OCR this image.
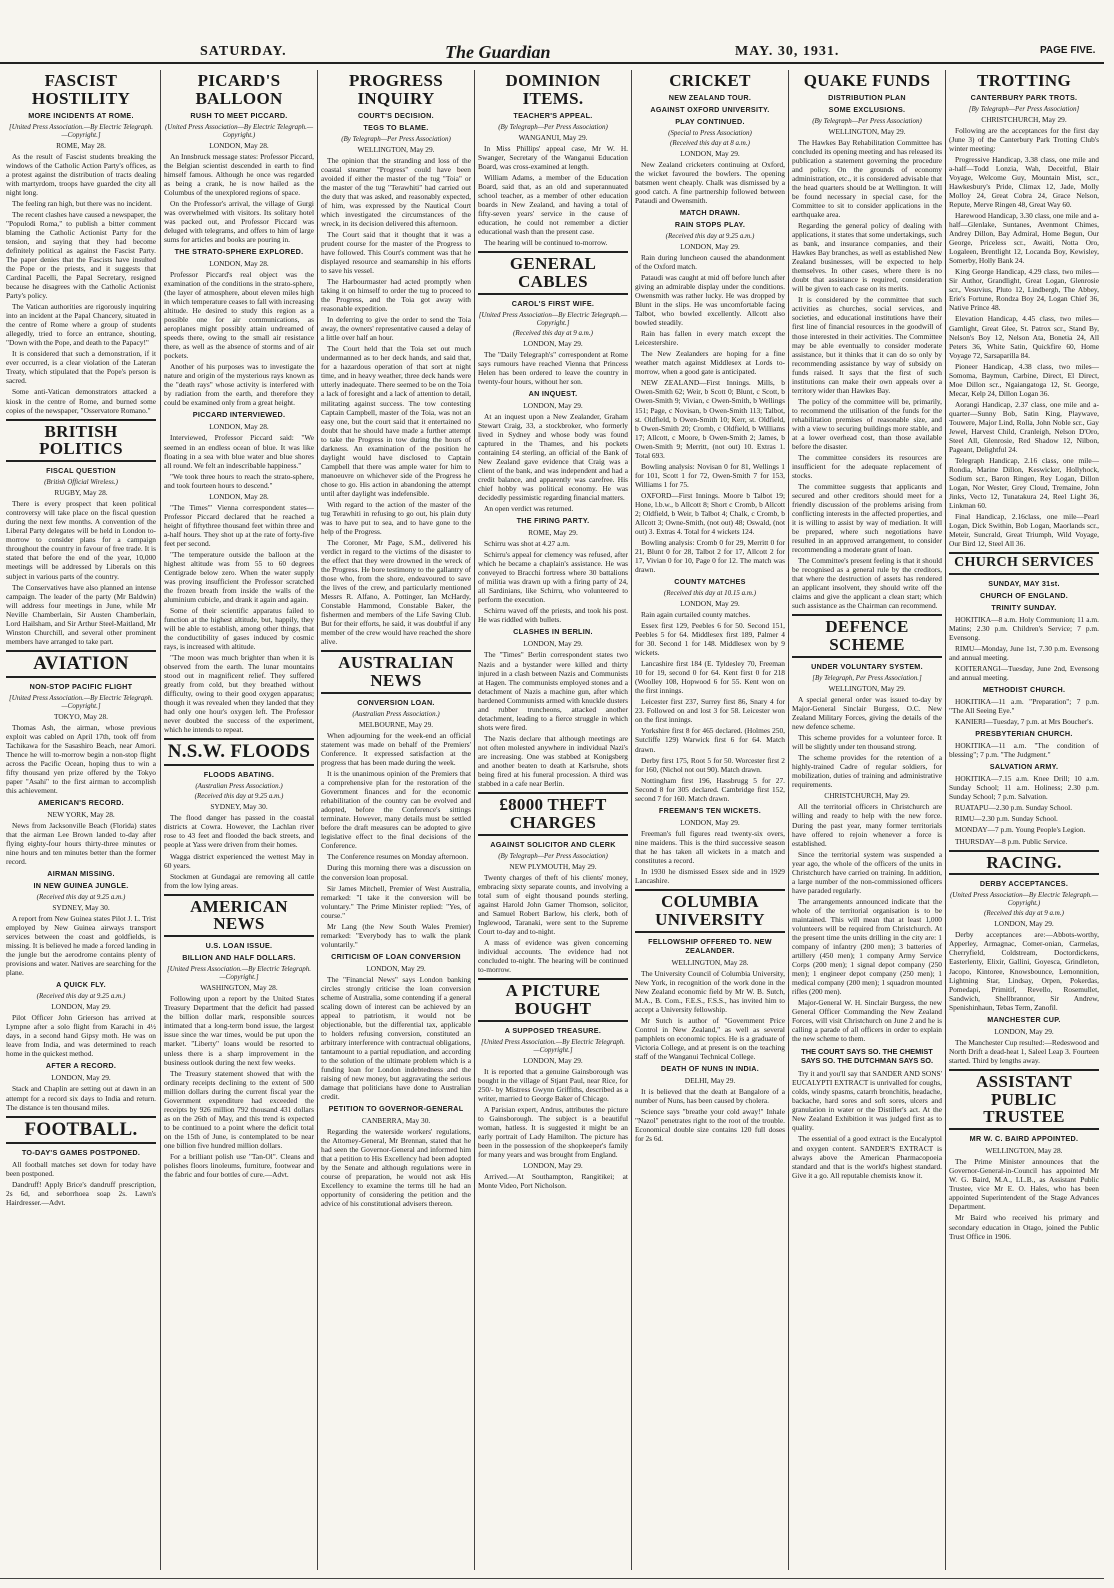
SATURDAY.	The Guardian	MAY. 30, 1931.	PAGE FIVE.
FASCIST HOSTILITY
MORE INCIDENTS AT ROME.
[United Press Association.—By Electric Telegraph.—Copyright.]
ROME, May 28.

As the result of Fascist students breaking the windows of the Catholic Action Party's offices, as a protest against the distribution of tracts dealing with martyrdom, troops have guarded the city all night long.

The feeling ran high, but there was no incident.

The recent clashes have caused a newspaper, the "Populodi Roma," to publish a bitter comment blaming the Catholic Actionist Party for the tension, and saying that they had become definitely political as against the Fascist Party. The paper denies that the Fascists have insulted the Pope or the priests, and it suggests that Cardinal Pacelli, the Papal Secretary, resigned because he disagrees with the Catholic Actionist Party's policy.

The Vatican authorities are rigorously inquiring into an incident at the Papal Chancery, situated in the centre of Rome where a group of students allegedly, tried to force an entrance, shouting, "Down with the Pope, and death to the Papacy!"

It is considered that such a demonstration, if it ever occurred, is a clear violation of the Lateran Treaty, which stipulated that the Pope's person is sacred.

Some anti-Vatican demonstrators attacked a kiosk in the centre of Rome, and burned some copies of the newspaper, "Osservatore Romano."

BRITISH POLITICS
FISCAL QUESTION
(British Official Wireless.)
RUGBY, May 28.

There is every prospect that keen political controversy will take place on the fiscal question during the next few months. A convention of the Liberal Party delegates will be held in London to-morrow to consider plans for a campaign throughout the country in favour of free trade. It is stated that before the end of the year, 10,000 meetings will be addressed by Liberals on this subject in various parts of the country.

The Conservatives have also planned an intense campaign. The leader of the party (Mr Baldwin) will address four meetings in June, while Mr Neville Chamberlain, Sir Austen Chamberlain, Lord Hailsham, and Sir Arthur Steel-Maitland, Mr Winston Churchill, and several other prominent members have arranged to take part.

AVIATION
NON-STOP PACIFIC FLIGHT
[United Press Association.—By Electric Telegraph.—Copyright.]
TOKYO, May 28.

Thomas Ash, the airman, whose previous exploit was cabled on April 17th, took off from Tachikawa for the Sasashiro Beach, near Amori. Thence he will to-morrow begin a non-stop flight across the Pacific Ocean, hoping thus to win a fifty thousand yen prize offered by the Tokyo paper "Asahi" to the first airman to accomplish this achievement.

AMERICAN'S RECORD.
NEW YORK, May 28.

News from Jacksonville Beach (Florida) states that the airman Lee Brown landed to-day after flying eighty-four hours thirty-three minutes or nine hours and ten minutes better than the former record.

AIRMAN MISSING.
IN NEW GUINEA JUNGLE.
(Received this day at 9.25 a.m.)
SYDNEY, May 30.

A report from New Guinea states Pilot J. L. Trist employed by New Guinea airways transport services between the coast and goldfields, is missing. It is believed he made a forced landing in the jungle but the aerodrome contains plenty of provisions and water. Natives are searching for the plane.

A QUICK FLY.
(Received this day at 9.25 a.m.)
LONDON, May 29.

Pilot Officer John Grierson has arrived at Lympne after a solo flight from Karachi in 4½ days, in a second hand Gipsy moth. He was on leave from India, and was determined to reach home in the quickest method.

AFTER A RECORD.
LONDON, May 29.

Stack and Chaplin are setting out at dawn in an attempt for a record six days to India and return. The distance is ten thousand miles.

FOOTBALL.
TO-DAY'S GAMES POSTPONED.

All football matches set down for today have been postponed.

Dandruff! Apply Brice's dandruff prescription, 2s 6d, and seborrhoea soap 2s. Lawn's Hairdresser.—Advt.

PICARD'S BALLOON
RUSH TO MEET PICCARD.
(United Press Association—By Electric Telegraph.—Copyright.)
LONDON, May 28.

An Innsbruck message states: Professor Piccard, the Belgian scientist descended in earth to find himself famous. Although he once was regarded as being a crank, he is now hailed as the Columbus of the unexplored regions of space.

On the Professor's arrival, the village of Gurgi was overwhelmed with visitors. Its solitary hotel was packed out, and Professor Piccard was deluged with telegrams, and offers to him of large sums for articles and books are pouring in.

THE STRATO-SPHERE EXPLORED.
LONDON, May 28.

Professor Piccard's real object was the examination of the conditions in the strato-sphere, (the layer of atmosphere, about eleven miles high in which temperature ceases to fall with increasing altitude. He desired to study this region as a possible one for air communications, as aeroplanes might possibly attain undreamed of speeds there, owing to the small air resistance there, as well as the absence of storms and of air pockets.

Another of his purposes was to investigate the nature and origin of the mysterious rays known as the "death rays" whose activity is interfered with by radiation from the earth, and therefore they could be examined only from a great height.

PICCARD INTERVIEWED.
LONDON, May 28.

Interviewed, Professor Piccard said: "We seemed in an endless ocean of blue. It was like floating in a sea with blue water and blue shores all round. We felt an indescribable happiness."

"We took three hours to reach the strato-sphere, and took fourteen hours to descend."

LONDON, May 28.

"The Times'" Vienna correspondent states—Professor Piccard declared that he reached a height of fiftythree thousand feet within three and a-half hours. They shot up at the rate of forty-five feet per second.

"The temperature outside the balloon at the highest altitude was from 55 to 60 degrees Centigrade below zero. When the water supply was proving insufficient the Professor scratched the frozen breath from inside the walls of the aluminium cubicle, and drank it again and again.

Some of their scientific apparatus failed to function at the highest altitude, but, happily, they will be able to establish, among other things, that the conductibility of gases induced by cosmic rays, is increased with altitude.

"The moon was much brighter than when it is observed from the earth. The lunar mountains stood out in magnificent relief. They suffered greatly from cold, but they breathed without difficulty, owing to their good oxygen apparatus; though it was revealed when they landed that they had only one hour's oxygen left. The Professor never doubted the success of the experiment, which he intends to repeat.

N.S.W. FLOODS
FLOODS ABATING.
(Australian Press Association.)
(Received this day at 9.25 a.m.)
SYDNEY, May 30.

The flood danger has passed in the coastal districts at Cowra. However, the Lachlan river rose to 43 feet and flooded the back streets, and people at Yass were driven from their homes.

Wagga district experienced the wettest May in 60 years.

Stockmen at Gundagai are removing all cattle from the low lying areas.

AMERICAN NEWS
U.S. LOAN ISSUE.
BILLION AND HALF DOLLARS.
[United Press Association.—By Electric Telegraph.—Copyright.]
WASHINGTON, May 28.

Following upon a report by the United States Treasury Department that the deficit had passed the billion dollar mark, responsible sources intimated that a long-term bond issue, the largest issue since the war times, would be put upon the market. "Liberty" loans would be resorted to unless there is a sharp improvement in the business outlook during the next few weeks.

The Treasury statement showed that with the ordinary receipts declining to the extent of 500 million dollars during the current fiscal year the Government expenditure had exceeded the receipts by 926 million 792 thousand 431 dollars as on the 26th of May, and this trend is expected to be continued to a point where the deficit total on the 15th of June, is contemplated to be near one billion five hundred million dollars.

For a brilliant polish use "Tan-Ol". Cleans and polishes floors linoleums, furniture, footwear and the fabric and four bottles of cure.—Advt.

PROGRESS INQUIRY
COURT'S DECISION.
TEGS TO BLAME.
(By Telegraph—Per Press Association)
WELLINGTON, May 29.

The opinion that the stranding and loss of the coastal steamer "Progress" could have been avoided if either the master of the tug "Toia" or the master of the tug "Terawhiti" had carried out the duty that was asked, and reasonably expected, of him, was expressed by the Nautical Court which investigated the circumstances of the wreck, in its decision delivered this afternoon.

The Court said that it thought that it was a prudent course for the master of the Progress to have followed. This Court's comment was that he displayed resource and seamanship in his efforts to save his vessel.

The Harbourmaster had acted promptly when taking it on himself to order the tug to proceed to the Progress, and the Toia got away with reasonable expedition.

In deferring to give the order to send the Toia away, the owners' representative caused a delay of a little over half an hour.

The Court held that the Toia set out much undermanned as to her deck hands, and said that, for a hazardous operation of that sort at night time, and in heavy weather, three deck hands were utterly inadequate. There seemed to be on the Toia a lack of foresight and a lack of attention to detail, militating against success. The tow contesting Captain Campbell, master of the Toia, was not an easy one, but the court said that it entertained no doubt that he should have made a further attempt to take the Progress in tow during the hours of darkness. An examination of the position he daylight would have disclosed to Captain Campbell that there was ample water for him to manoeuvre on whichever side of the Progress he chose to go. His action in abandoning the attempt until after daylight was indefensible.

With regard to the action of the master of the tug Terawhiti in refusing to go out, his plain duty was to have put to sea, and to have gone to the help of the Progress.

The Coroner, Mr Page, S.M., delivered his verdict in regard to the victims of the disaster to the effect that they were drowned in the wreck of the Progress. He bore testimony to the gallantry of those who, from the shore, endeavoured to save the lives of the crew, and particularly mentioned Messrs R. Alfano, A. Pottinger, Ian McHardy, Constable Hammond, Constable Baker, the fishermen and members of the Life Saving Club. But for their efforts, he said, it was doubtful if any member of the crew would have reached the shore alive.

AUSTRALIAN NEWS
CONVERSION LOAN.
(Australian Press Association.)
MELBOURNE, May 29.

When adjourning for the week-end an official statement was made on behalf of the Premiers' Conference. It expressed satisfaction at the progress that has been made during the week.

It is the unanimous opinion of the Premiers that a comprehensive plan for the restoration of the Government finances and for the economic rehabilitation of the country can be evolved and adopted, before the Conference's sittings terminate. However, many details must be settled before the draft measures can be adopted to give legislative effect to the final decisions of the Conference.

The Conference resumes on Monday afternoon.

During this morning there was a discussion on the conversion loan proposal.

Sir James Mitchell, Premier of West Australia, remarked: "I take it the conversion will be voluntary." The Prime Minister replied: "Yes, of course."

Mr Lang (the New South Wales Premier) remarked: "Everybody has to walk the plank voluntarily."

CRITICISM OF LOAN CONVERSION
LONDON, May 29.

The "Financial News" says London banking circles strongly criticise the loan conversion scheme of Australia, some contending if a general scaling down of interest can be achieved by an appeal to patriotism, it would not be objectionable, but the differential tax, applicable to holders refusing conversion, constituted an arbitrary interference with contractual obligations, tantamount to a partial repudiation, and according to the solution of the ultimate problem which is a funding loan for London indebtedness and the raising of new money, but aggravating the serious damage that politicians have done to Australian credit.

PETITION TO GOVERNOR-GENERAL
CANBERRA, May 30.

Regarding the waterside workers' regulations, the Attorney-General, Mr Brennan, stated that he had seen the Governor-General and informed him that a petition to His Excellency had been adopted by the Senate and although regulations were in course of preparation, he would not ask His Excellency to examine the terms till he had an opportunity of considering the petition and the advice of his constitutional advisers thereon.

DOMINION ITEMS.
TEACHER'S APPEAL.
(By Telegraph—Per Press Association)
WANGANUI, May 29.

In Miss Phillips' appeal case, Mr W. H. Swanger, Secretary of the Wanganui Education Board, was cross-examined at length.

William Adams, a member of the Education Board, said that, as an old and superannuated school teacher, as a member of other education boards in New Zealand, and having a total of fifty-seven years' service in the cause of education, he could not remember a dictier educational wash than the present case.

The hearing will be continued to-morrow.

GENERAL CABLES
CAROL'S FIRST WIFE.
[United Press Association—By Electric Telegraph.—Copyright.]
(Received this day at 9 a.m.)
LONDON, May 29.

The "Daily Telegraph's" correspondent at Rome says rumours have reached Vienna that Princess Helen has been ordered to leave the country in twenty-four hours, without her son.

AN INQUEST.
LONDON, May 29.

At an inquest upon a New Zealander, Graham Stewart Craig, 33, a stockbroker, who formerly lived in Sydney and whose body was found captured in the Thames, and his pockets containing £4 sterling, an official of the Bank of New Zealand gave evidence that Craig was a client of the bank, and was independent and had a credit balance, and apparently was carefree. His chief hobby was political economy. He was decidedly pessimistic regarding financial matters.

An open verdict was returned.

THE FIRING PARTY.
ROME, May 29.

Schirru was shot at 4.27 a.m.

Schirru's appeal for clemency was refused, after which he became a chaplain's assistance. He was conveyed to Bracchi fortress where 30 battalions of militia was drawn up with a firing party of 24, all Sardinians, like Schirru, who volunteered to perform the execution.

Schirru waved off the priests, and took his post. He was riddled with bullets.

CLASHES IN BERLIN.
LONDON, May 29.

The "Times" Berlin correspondent states two Nazis and a bystander were killed and thirty injured in a clash between Nazis and Communists at Hagen. The communists employed stones and a detachment of Nazis a machine gun, after which hardened Communists armed with knuckle dusters and rubber truncheons, attacked another detachment, leading to a fierce struggle in which shots were fired.

The Nazis declare that although meetings are not often molested anywhere in individual Nazi's are increasing. One was stabbed at Konigsberg and another beaten to death at Karlsruhe, shots being fired at his funeral procession. A third was stabbed in a cafe near Berlin.

£8000 THEFT CHARGES
AGAINST SOLICITOR AND CLERK
(By Telegraph—Per Press Association)
NEW PLYMOUTH, May 29.

Twenty charges of theft of his clients' money, embracing sixty separate counts, and involving a total sum of eight thousand pounds sterling, against Harold John Gamer Thomson, solicitor, and Samuel Robert Barlow, his clerk, both of Inglewood, Taranaki, were sent to the Supreme Court to-day and to-night.

A mass of evidence was given concerning individual accounts. The evidence had not concluded to-night. The hearing will be continued to-morrow.

A PICTURE BOUGHT
A SUPPOSED TREASURE.
[United Press Association.—By Electric Telegraph.—Copyright.]
LONDON, May 29.

It is reported that a genuine Gainsborough was bought in the village of Stjant Paul, near Rice, for 250/- by Mistress Gwynn Griffiths, described as a writer, married to George Baker of Chicago.

A Parisian expert, Andrus, attributes the picture to Gainsborough. The subject is a beautiful woman, hatless. It is suggested it might be an early portrait of Lady Hamilton. The picture has been in the possession of the shopkeeper's family for many years and was brought from England.

LONDON, May 29.

Arrived.—At Southampton, Rangitikei; at Monte Video, Port Nicholson.

CRICKET
NEW ZEALAND TOUR.
AGAINST OXFORD UNIVERSITY.
PLAY CONTINUED.
(Special to Press Association)
(Received this day at 8 a.m.)
LONDON, May 29.

New Zealand cricketers continuing at Oxford, the wicket favoured the bowlers. The opening batsmen went cheaply. Chalk was dismissed by a good catch. A fine partnership followed between Pataudi and Owensmith.

MATCH DRAWN.
RAIN STOPS PLAY.
(Received this day at 9.25 a.m.)
LONDON, May 29.

Rain during luncheon caused the abandonment of the Oxford match.

Pataudi was caught at mid off before lunch after giving an admirable display under the conditions. Owensmith was rather lucky. He was dropped by Blunt in the slips. He was uncomfortable facing Talbot, who bowled excellently. Allcott also bowled steadily.

Rain has fallen in every match except the Leicestershire.

The New Zealanders are hoping for a fine weather match against Middlesex at Lords to-morrow, when a good gate is anticipated.

NEW ZEALAND—First Innings. Mills, b Owen-Smith 62; Weir, b Scott 0; Blunt, c Scott, b Owen-Smith 9; Vivian, c Owen-Smith, b Wellings 151; Page, c Novisan, b Owen-Smith 113; Talbot, st. Oldfield, b Owen-Smith 10; Kerr, st. Oldfield, b Owen-Smith 20; Cromb, c Oldfield, b Williams 17; Allcott, c Moore, b Owen-Smith 2; James, b Owen-Smith 9; Merritt, (not out) 10. Extras 1. Total 693.

Bowling analysis: Novisan 0 for 81, Wellings 1 for 101, Scott 1 for 72, Owen-Smith 7 for 153, Williams 1 for 75.

OXFORD—First Innings. Moore b Talbot 19; Hone, l.b.w., b Allcott 8; Short c Cromb, b Allcott 2; Oldfield, b Weir, b Talbot 4; Chalk, c Cromb, b Allcott 3; Owne-Smith, (not out) 48; Oswald, (not out) 3. Extras 4. Total for 4 wickets 124.

Bowling analysis: Cromb 0 for 29, Merritt 0 for 21, Blunt 0 for 28, Talbot 2 for 17, Allcott 2 for 17, Vivian 0 for 10, Page 0 for 12. The match was drawn.

COUNTY MATCHES
(Received this day at 10.15 a.m.)
LONDON, May 29.

Rain again curtailed county matches.

Essex first 129, Peebles 6 for 50. Second 151, Peebles 5 for 64. Middlesex first 189, Palmer 4 for 30. Second 1 for 148. Middlesex won by 9 wickets.

Lancashire first 184 (E. Tyldesley 70, Freeman 10 for 19, second 0 for 64. Kent first 0 for 218 (Woolley 108, Hopwood 6 for 55. Kent won on the first innings.

Leicester first 237, Surrey first 86, Snary 4 for 23. Followed on and lost 3 for 58. Leicester won on the first innings.

Yorkshire first 8 for 465 declared. (Holmes 250, Sutcliffe 129) Warwick first 6 for 64. Match drawn.

Derby first 175, Root 5 for 50. Worcester first 2 for 160, (Nichol not out 90). Match drawn.

Nottingham first 196, Hassbrugg 5 for 27. Second 8 for 305 declared. Cambridge first 152, second 7 for 160. Match drawn.

FREEMAN'S TEN WICKETS.
LONDON, May 29.

Freeman's full figures read twenty-six overs, nine maidens. This is the third successive season that he has taken all wickets in a match and constitutes a record.

In 1930 he dismissed Essex side and in 1929 Lancashire.

COLUMBIA UNIVERSITY
FELLOWSHIP OFFERED TO. NEW ZEALANDER.
WELLINGTON, May 28.

The University Council of Columbia University, New York, in recognition of the work done in the New Zealand economic field by Mr W. B. Sutch, M.A., B. Com., F.E.S., F.S.S., has invited him to accept a University fellowship.

Mr Sutch is author of "Government Price Control in New Zealand," as well as several pamphlets on economic topics. He is a graduate of Victoria College, and at present is on the teaching staff of the Wanganui Technical College.

DEATH OF NUNS IN INDIA.
DELHI, May 29.

It is believed that the death at Bangalore of a number of Nuns, has been caused by cholera.

Science says "breathe your cold away!" Inhale "Nazol" penetrates right to the root of the trouble. Economical double size contains 120 full doses for 2s 6d.

QUAKE FUNDS
DISTRIBUTION PLAN
SOME EXCLUSIONS.
(By Telegraph—Per Press Association)
WELLINGTON, May 29.

The Hawkes Bay Rehabilitation Committee has concluded its opening meeting and has released its publication a statement governing the procedure and policy. On the grounds of economy administration, etc., it is considered advisable that the head quarters should be at Wellington. It will be found necessary in special case, for the Committee to sit to consider applications in the earthquake area.

Regarding the general policy of dealing with applications, it states that some undertakings, such as bank, and insurance companies, and their Hawkes Bay branches, as well as established New Zealand businesses, will be expected to help themselves. In other cases, where there is no doubt that assistance is required, consideration will be given to each case on its merits.

It is considered by the committee that such activities as churches, social services, and societies, and educational institutions have their first line of financial resources in the goodwill of those interested in their activities. The Committee may be able eventually to consider moderate assistance, but it thinks that it can do so only by recommending assistance by way of subsidy on funds raised. It says that the first of such institutions can make their own appeals over a territory wider than Hawkes Bay.

The policy of the committee will be, primarily, to recommend the utilisation of the funds for the rehabilitation premises of reasonable size, and with a view to securing buildings more stable, and at a lower overhead cost, than those available before the disaster.

The committee considers its resources are insufficient for the adequate replacement of stocks.

The committee suggests that applicants and secured and other creditors should meet for a friendly discussion of the problems arising from conflicting interests in the affected properties, and it is willing to assist by way of mediation. It will be prepared, where such negotiations have resulted in an approved arrangement, to consider recommending a moderate grant of loan.

The Committee's present feeling is that it should be recognised as a general rule by the creditors, that where the destruction of assets has rendered an applicant insolvent, they should write off the claims and give the applicant a clean start; which such assistance as the Chairman can recommend.

DEFENCE SCHEME
UNDER VOLUNTARY SYSTEM.
[By Telegraph, Per Press Association.]
WELLINGTON, May 29.

A special general order was issued to-day by Major-General Sinclair Burgess, O.C. New Zealand Military Forces, giving the details of the new defence scheme.

This scheme provides for a volunteer force. It will be slightly under ten thousand strong.

The scheme provides for the retention of a highly-trained Cadre of regular soldiers, for mobilization, duties of training and administrative requirements.

CHRISTCHURCH, May 29.

All the territorial officers in Christchurch are willing and ready to help with the new force. During the past year, many former territorials have offered to rejoin whenever a force is established.

Since the territorial system was suspended a year ago, the whole of the officers of the units in Christchurch have carried on training. In addition, a large number of the non-commissioned officers have paraded regularly.

The arrangements announced indicate that the whole of the territorial organisation is to be maintained. This will mean that at least 1,000 volunteers will be required from Christchurch. At the present time the units drilling in the city are: 1 company of infantry (200 men); 3 batteries of artillery (450 men); 1 company Army Service Corps (200 men); 1 signal depot company (250 men); 1 engineer depot company (250 men); 1 medical company (200 men); 1 squadron mounted rifles (200 men).

Major-General W. H. Sinclair Burgess, the new General Officer Commanding the New Zealand Forces, will visit Christchurch on June 2 and he is calling a parade of all officers in order to explain the new scheme to them.

THE COURT SAYS SO. THE CHEMIST SAYS SO. THE DUTCHMAN SAYS SO.

Try it and you'll say that SANDER AND SONS' EUCALYPTI EXTRACT is unrivalled for coughs, colds, windy spasms, catarrh bronchitis, headache, backache, hard sores and soft sores, ulcers and granulation in water or the Distiller's act. At the New Zealand Exhibition it was judged first as to quality.

The essential of a good extract is the Eucalyptol and oxygen content. SANDER'S EXTRACT is always above the American Pharmacopoeia standard and that is the world's highest standard. Give it a go. All reputable chemists know it.

TROTTING
CANTERBURY PARK TROTS.
[By Telegraph—Per Press Association]
CHRISTCHURCH, May 29.

Following are the acceptances for the first day (June 3) of the Canterbury Park Trotting Club's winter meeting:

Progressive Handicap, 3.38 class, one mile and a-half—Todd Lonzia, Wah, Deceitful, Blair Voyage, Welcome Guy, Mountain Mist, scr., Hawkesbury's Pride, Climax 12, Jade, Molly Molloy 24, Great Cobra 24, Grace Nelson, Repute, Merve Ringen 48, Great Way 60.

Harewood Handicap, 3.30 class, one mile and a-half—Glenlake, Suntanes, Avenmont Chimes, Andrey Dillon, Bay Admiral, Home Begun, Our George, Priceless scr., Awaiti, Notta Oro, Logaleen, Brentlight 12, Locanda Boy, Kewisley, Somerby, Holly Bank 24.

King George Handicap, 4.29 class, two miles—Sir Author, Grandlight, Great Logan, Glenrosie scr., Vesuvius, Pluto 12, Lindbergh, The Abbey, Erie's Fortune, Rondza Boy 24, Logan Chief 36, Native Prince 48.

Elevation Handicap, 4.45 class, two miles—Gamlight, Great Glee, St. Patrox scr., Stand By, Nelson's Boy 12, Nelson Ata, Bonetia 24, All Peters 36, White Satin, Quickfire 60, Home Voyage 72, Sarsaparilla 84.

Pioneer Handicap, 4.38 class, two miles—Somoma, Baymun, Carbine, Direct, El Direct, Moe Dillon scr., Ngaiangatoga 12, St. George, Mecar, Kelp 24, Dillon Logan 36.

Aorangi Handicap, 2.37 class, one mile and a-quarter—Sunny Bob, Satin King, Playwave, Touwere, Major Lind, Rolla, John Noble scr., Gay Jewel, Harvest Child, Cranleigh, Nelson D'Oro, Steel All, Glenrosie, Red Shadow 12, Nilbon, Pageant, Delightful 24.

Telegraph Handicap, 2.16 class, one mile—Rondia, Marine Dillon, Keswicker, Hollyhock, Sodium scr., Baron Ringen, Rey Logan, Dillon Logan, Nor Wester, Grey Cloud, Tremaine, John Jinks, Vecto 12, Tunatakura 24, Reel Light 36, Linkman 60.

Final Handicap, 2.16class, one mile—Pearl Logan, Dick Swithin, Bob Logan, Maorlands scr., Meteir, Suncrald, Great Triumph, Wild Voyage, Our Bird 12, Steel All 36.

CHURCH SERVICES
SUNDAY, MAY 31st.
CHURCH OF ENGLAND.
TRINITY SUNDAY.

HOKITIKA—8 a.m. Holy Communion; 11 a.m. Matins; 2.30 p.m. Children's Service; 7 p.m. Evensong.

RIMU—Monday, June 1st, 7.30 p.m. Evensong and annual meeting.

KOITERANGI—Tuesday, June 2nd, Evensong and annual meeting.

METHODIST CHURCH.

HOKITIKA—11 a.m. "Preparation"; 7 p.m. "The All Seeing Eye."

KANIERI—Tuesday, 7 p.m. at Mrs Boucher's.

PRESBYTERIAN CHURCH.

HOKITIKA—11 a.m. "The condition of blessing"; 7 p.m. "The Judgment."

SALVATION ARMY.

HOKITIKA—7.15 a.m. Knee Drill; 10 a.m. Sunday School; 11 a.m. Holiness; 2.30 p.m. Sunday School; 7 p.m. Salvation.

RUATAPU—2.30 p.m. Sunday School.

RIMU—2.30 p.m. Sunday School.

MONDAY—7 p.m. Young People's Legion.

THURSDAY—8 p.m. Public Service.

RACING.
DERBY ACCEPTANCES.
(United Press Association—By Electric Telegraph.—Copyright.)
(Received this day at 9 a.m.)
LONDON, May 29.

Derby acceptances are:—Abbots-worthy, Apperley, Armagnac, Comer-onian, Carmelas, Cherryfield, Coldstream, Doctordickens, Easterlenty, Elixir, Gallini, Goyesca, Grindleton, Jacopo, Kintoree, Knowsbounce, Lemonnition, Lightning Star, Lindsay, Orpen, Pokerdas, Pomedapi, Primitif, Revello, Rosemullet, Sandwich, Shellbrannor, Sir Andrew, Spenishinhaun, Tebas Term, Zanofil.

MANCHESTER CUP.
LONDON, May 29.

The Manchester Cup resulted:—Redeswood and North Drift a dead-heat 1, Saleel Leap 3. Fourteen started. Third by lengths away.

ASSISTANT PUBLIC TRUSTEE
MR W. C. BAIRD APPOINTED.
WELLINGTON, May 28.

The Prime Minister announces that the Governor-General-in-Council has appointed Mr W. G. Baird, M.A., LL.B., as Assistant Public Trustee, vice Mr E. O. Hales, who has been appointed Superintendent of the Stage Advances Department.

Mr Baird who received his primary and secondary education in Otago, joined the Public Trust Office in 1906.
